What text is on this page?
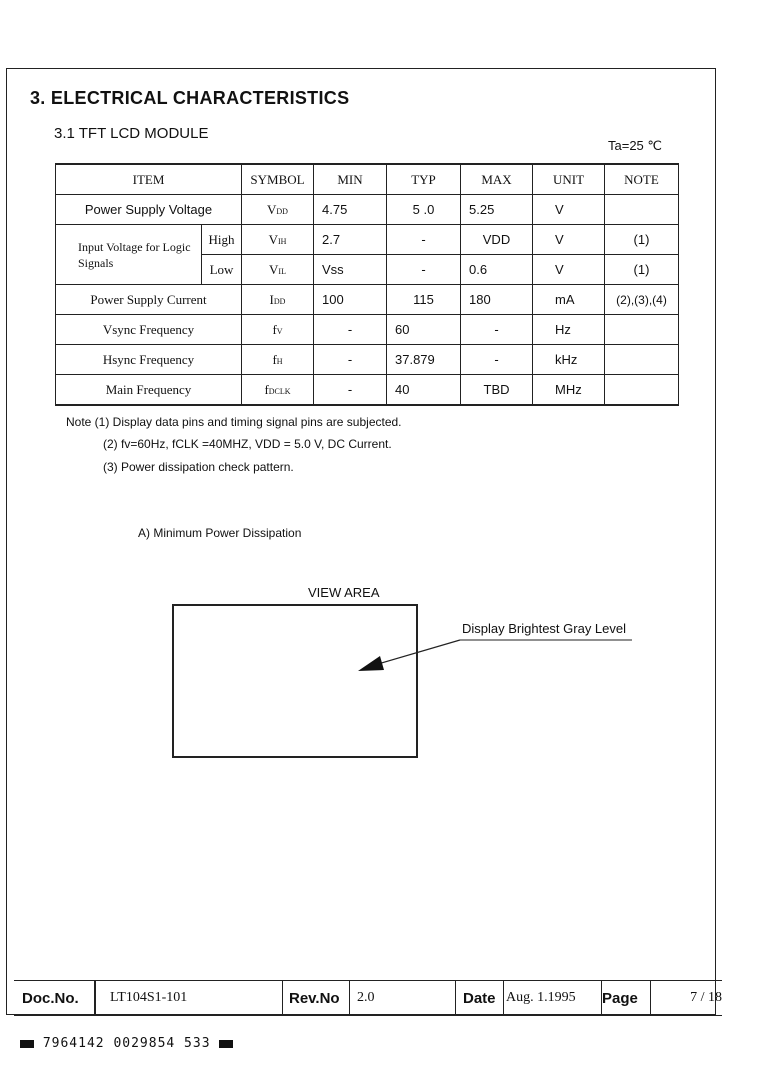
3. ELECTRICAL CHARACTERISTICS
3.1 TFT LCD MODULE
Ta=25 ℃
ITEM		SYMBOL	MIN	TYP	MAX	UNIT	NOTE
Power Supply Voltage		VDD	4.75	5 .0	5.25	V	
Input Voltage for Logic Signals	High	VIH	2.7	-	VDD	V	(1)
	Low	VIL	Vss	-	0.6	V	(1)
Power Supply Current		IDD	100	115	180	mA	(2),(3),(4)
Vsync Frequency		fV	-	60	-	Hz	
Hsync Frequency		fH	-	37.879	-	kHz	
Main Frequency		fDCLK	-	40	TBD	MHz	
Note (1) Display data pins and timing signal pins are subjected.
(2) fv=60Hz, fCLK =40MHZ, VDD = 5.0 V, DC Current.
(3) Power dissipation check pattern.
A) Minimum Power Dissipation
VIEW AREA
Display Brightest Gray Level
Doc.No.	LT104S1-101	Rev.No	2.0	Date Aug. 1.1995	Page	7 / 18
7964142 0029854 533
